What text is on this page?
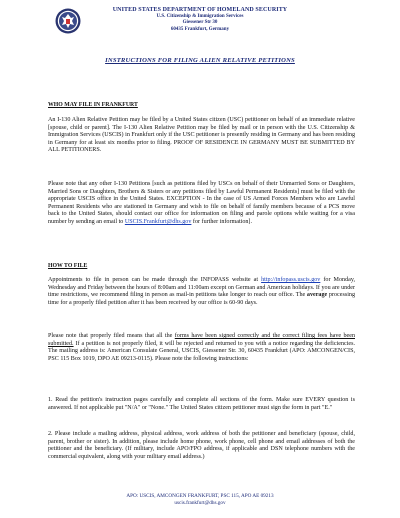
UNITED STATES DEPARTMENT OF HOMELAND SECURITY
U.S. Citizenship & Immigration Services
Giessener Str 30
60435 Frankfurt, Germany
INSTRUCTIONS FOR FILING ALIEN RELATIVE PETITIONS
WHO MAY FILE IN FRANKFURT
An I-130 Alien Relative Petition may be filed by a United States citizen (USC) petitioner on behalf of an immediate relative [spouse, child or parent]. The I-130 Alien Relative Petition may be filed by mail or in person with the U.S. Citizenship & Immigration Services (USCIS) in Frankfurt only if the USC petitioner is presently residing in Germany and has been residing in Germany for at least six months prior to filing. PROOF OF RESIDENCE IN GERMANY MUST BE SUBMITTED BY ALL PETITIONERS.
Please note that any other I-130 Petitions [such as petitions filed by USCs on behalf of their Unmarried Sons or Daughters, Married Sons or Daughters, Brothers & Sisters or any petitions filed by Lawful Permanent Residents] must be filed with the appropriate USCIS office in the United States. EXCEPTION - In the case of US Armed Forces Members who are Lawful Permanent Residents who are stationed in Germany and wish to file on behalf of family members because of a PCS move back to the United States, should contact our office for information on filing and parole options while waiting for a visa number by sending an email to USCIS.Frankfurt@dhs.gov for further information].
HOW TO FILE
Appointments to file in person can be made through the INFOPASS website at http://infopass.uscis.gov for Monday, Wednesday and Friday between the hours of 8:00am and 11:00am except on German and American holidays. If you are under time restrictions, we recommend filing in person as mail-in petitions take longer to reach our office. The average processing time for a properly filed petition after it has been received by our office is 60-90 days.
Please note that properly filed means that all the forms have been signed correctly and the correct filing fees have been submitted. If a petition is not properly filed, it will be rejected and returned to you with a notice regarding the deficiencies. The mailing address is: American Consulate General, USCIS, Giessener Str. 30, 60435 Frankfurt (APO: AMCONGEN/CIS, PSC 115 Box 1019, DPO AE 09213-0115). Please note the following instructions:
1. Read the petition's instruction pages carefully and complete all sections of the form. Make sure EVERY question is answered. If not applicable put "N/A" or "None." The United States citizen petitioner must sign the form in part "E."
2. Please include a mailing address, physical address, work address of both the petitioner and beneficiary (spouse, child, parent, brother or sister). In addition, please include home phone, work phone, cell phone and email addresses of both the petitioner and the beneficiary. (If military, include APO/FPO address, if applicable and DSN telephone numbers with the commercial equivalent, along with your military email address.)
APO: USCIS, AMCONGEN FRANKFURT, PSC 115, APO AE 09213
uscis.frankfurt@dhs.gov
